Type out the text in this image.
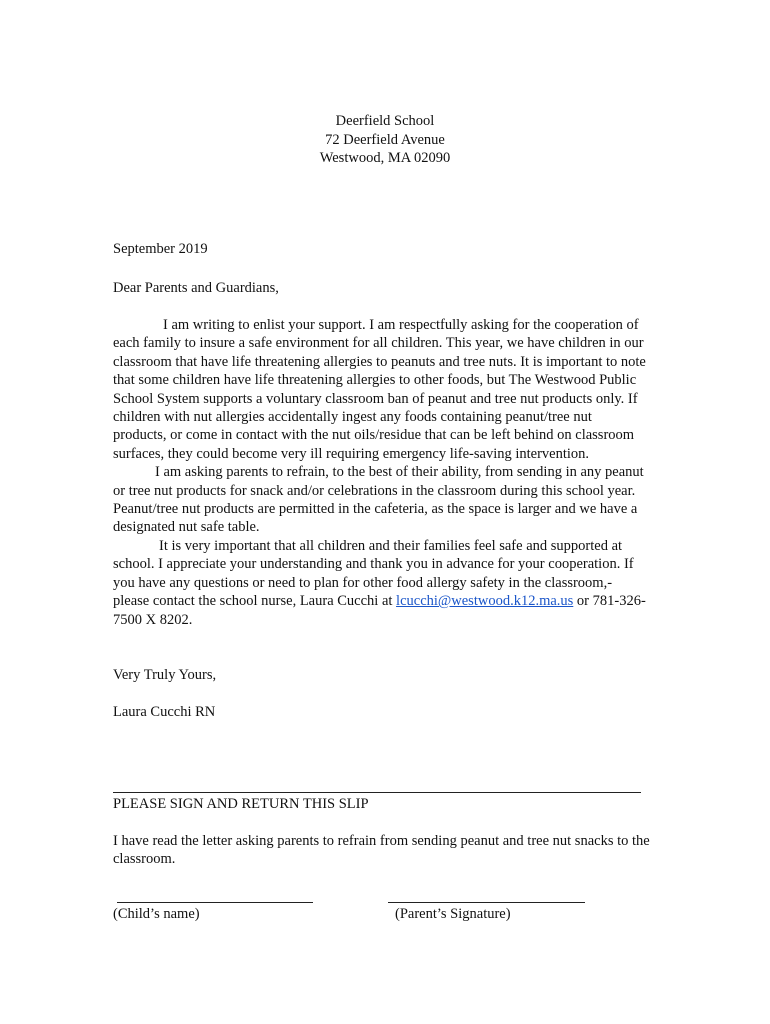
Deerfield School
72 Deerfield Avenue
Westwood, MA 02090
September 2019
Dear Parents and Guardians,

I am writing to enlist your support. I am respectfully asking for the cooperation of each family to insure a safe environment for all children. This year, we have children in our classroom that have life threatening allergies to peanuts and tree nuts. It is important to note that some children have life threatening allergies to other foods, but The Westwood Public School System supports a voluntary classroom ban of peanut and tree nut products only. If children with nut allergies accidentally ingest any foods containing peanut/tree nut products, or come in contact with the nut oils/residue that can be left behind on classroom surfaces, they could become very ill requiring emergency life-saving intervention.

I am asking parents to refrain, to the best of their ability, from sending in any peanut or tree nut products for snack and/or celebrations in the classroom during this school year. Peanut/tree nut products are permitted in the cafeteria, as the space is larger and we have a designated nut safe table.

It is very important that all children and their families feel safe and supported at school. I appreciate your understanding and thank you in advance for your cooperation. If you have any questions or need to plan for other food allergy safety in the classroom,- please contact the school nurse, Laura Cucchi at lcucchi@westwood.k12.ma.us or 781-326-7500 X 8202.

Very Truly Yours,
Laura Cucchi RN
PLEASE SIGN AND RETURN THIS SLIP
I have read the letter asking parents to refrain from sending peanut and tree nut snacks to the classroom.
(Child’s name)	(Parent’s Signature)
